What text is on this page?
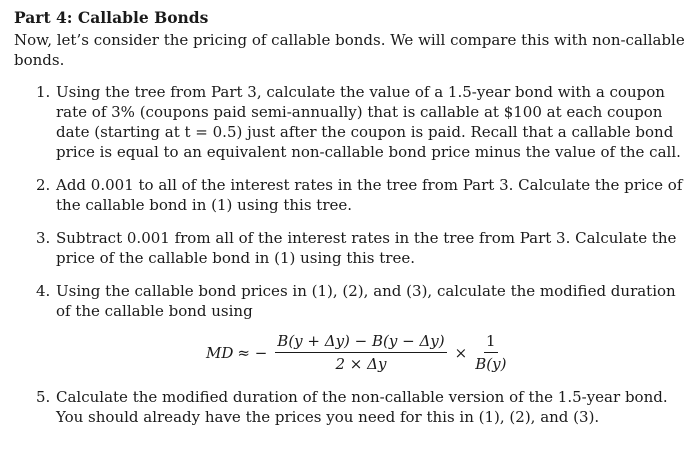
Part 4: Callable Bonds

Now, let’s consider the pricing of callable bonds. We will compare this with non-callable bonds.

1. Using the tree from Part 3, calculate the value of a 1.5-year bond with a coupon rate of 3% (coupons paid semi-annually) that is callable at $100 at each coupon date (starting at t = 0.5) just after the coupon is paid. Recall that a callable bond price is equal to an equivalent non-callable bond price minus the value of the call.
2. Add 0.001 to all of the interest rates in the tree from Part 3. Calculate the price of the callable bond in (1) using this tree.
3. Subtract 0.001 from all of the interest rates in the tree from Part 3. Calculate the price of the callable bond in (1) using this tree.
4. Using the callable bond prices in (1), (2), and (3), calculate the modified duration of the callable bond using
MD ≈ − $\frac{B(y + \Delta y) - B(y - \Delta y)}{2 \times \Delta y} \times \frac{1}{B(y)}$
5. Calculate the modified duration of the non-callable version of the 1.5-year bond. You should already have the prices you need for this in (1), (2), and (3).
